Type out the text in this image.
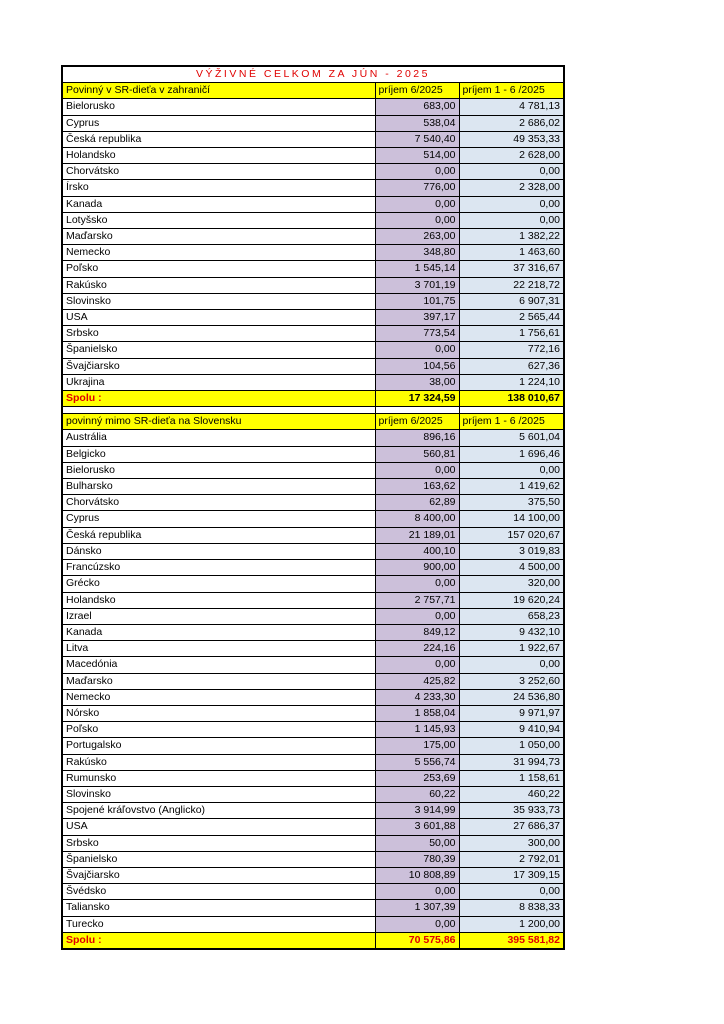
VÝŽIVNÉ CELKOM ZA JÚN - 2025		
Povinný v SR-dieťa v zahraničí	príjem 6/2025	príjem 1 - 6 /2025
Bielorusko	683,00	4 781,13
Cyprus	538,04	2 686,02
Česká republika	7 540,40	49 353,33
Holandsko	514,00	2 628,00
Chorvátsko	0,00	0,00
Írsko	776,00	2 328,00
Kanada	0,00	0,00
Lotyšsko	0,00	0,00
Maďarsko	263,00	1 382,22
Nemecko	348,80	1 463,60
Poľsko	1 545,14	37 316,67
Rakúsko	3 701,19	22 218,72
Slovinsko	101,75	6 907,31
USA	397,17	2 565,44
Srbsko	773,54	1 756,61
Španielsko	0,00	772,16
Švajčiarsko	104,56	627,36
Ukrajina	38,00	1 224,10
Spolu :	17 324,59	138 010,67

povinný mimo SR-dieťa na Slovensku	príjem 6/2025	príjem 1 - 6 /2025
Austrália	896,16	5 601,04
Belgicko	560,81	1 696,46
Bielorusko	0,00	0,00
Bulharsko	163,62	1 419,62
Chorvátsko	62,89	375,50
Cyprus	8 400,00	14 100,00
Česká republika	21 189,01	157 020,67
Dánsko	400,10	3 019,83
Francúzsko	900,00	4 500,00
Grécko	0,00	320,00
Holandsko	2 757,71	19 620,24
Izrael	0,00	658,23
Kanada	849,12	9 432,10
Litva	224,16	1 922,67
Macedónia	0,00	0,00
Maďarsko	425,82	3 252,60
Nemecko	4 233,30	24 536,80
Nórsko	1 858,04	9 971,97
Poľsko	1 145,93	9 410,94
Portugalsko	175,00	1 050,00
Rakúsko	5 556,74	31 994,73
Rumunsko	253,69	1 158,61
Slovinsko	60,22	460,22
Spojené kráľovstvo (Anglicko)	3 914,99	35 933,73
USA	3 601,88	27 686,37
Srbsko	50,00	300,00
Španielsko	780,39	2 792,01
Švajčiarsko	10 808,89	17 309,15
Švédsko	0,00	0,00
Taliansko	1 307,39	8 838,33
Turecko	0,00	1 200,00
Spolu :	70 575,86	395 581,82
